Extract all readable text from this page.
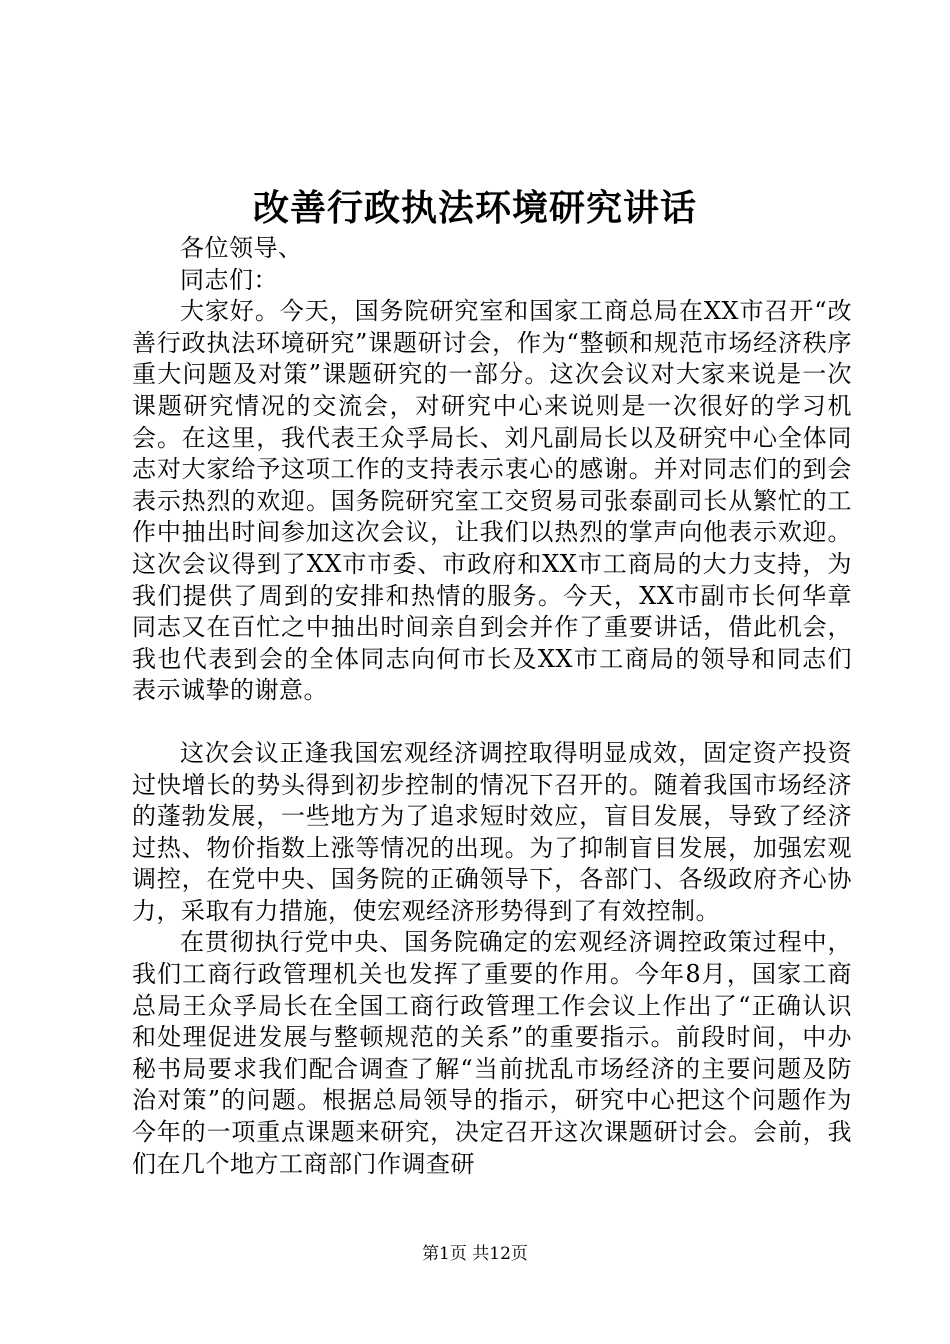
改善行政执法环境研究讲话

各位领导、

同志们：

大家好。今天，国务院研究室和国家工商总局在XX市召开“改善行政执法环境研究”课题研讨会，作为“整顿和规范市场经济秩序重大问题及对策”课题研究的一部分。这次会议对大家来说是一次课题研究情况的交流会，对研究中心来说则是一次很好的学习机会。在这里，我代表王众孚局长、刘凡副局长以及研究中心全体同志对大家给予这项工作的支持表示衷心的感谢。并对同志们的到会表示热烈的欢迎。国务院研究室工交贸易司张泰副司长从繁忙的工作中抽出时间参加这次会议，让我们以热烈的掌声向他表示欢迎。这次会议得到了XX市市委、市政府和XX市工商局的大力支持，为我们提供了周到的安排和热情的服务。今天，XX市副市长何华章同志又在百忙之中抽出时间亲自到会并作了重要讲话，借此机会，我也代表到会的全体同志向何市长及XX市工商局的领导和同志们表示诚挚的谢意。

这次会议正逢我国宏观经济调控取得明显成效，固定资产投资过快增长的势头得到初步控制的情况下召开的。随着我国市场经济的蓬勃发展，一些地方为了追求短时效应，盲目发展，导致了经济过热、物价指数上涨等情况的出现。为了抑制盲目发展，加强宏观调控，在党中央、国务院的正确领导下，各部门、各级政府齐心协力，采取有力措施，使宏观经济形势得到了有效控制。

在贯彻执行党中央、国务院确定的宏观经济调控政策过程中，我们工商行政管理机关也发挥了重要的作用。今年8月，国家工商总局王众孚局长在全国工商行政管理工作会议上作出了“正确认识和处理促进发展与整顿规范的关系”的重要指示。前段时间，中办秘书局要求我们配合调查了解“当前扰乱市场经济的主要问题及防治对策”的问题。根据总局领导的指示，研究中心把这个问题作为今年的一项重点课题来研究，决定召开这次课题研讨会。会前，我们在几个地方工商部门作调查研

第1页 共12页
